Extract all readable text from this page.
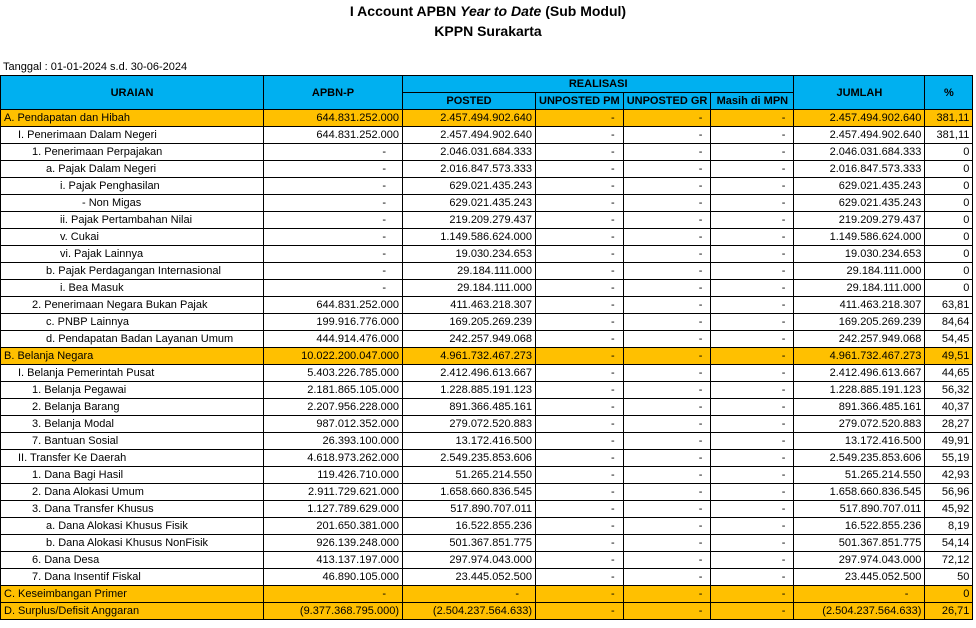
I Account APBN Year to Date (Sub Modul)
KPPN Surakarta
Tanggal : 01-01-2024 s.d. 30-06-2024
URAIAN	APBN-P	REALISASI				JUMLAH	%
		POSTED	UNPOSTED PM	UNPOSTED GR	Masih di MPN		
A. Pendapatan dan Hibah	644.831.252.000	2.457.494.902.640	-	-	-	2.457.494.902.640	381,11
I. Penerimaan Dalam Negeri	644.831.252.000	2.457.494.902.640	-	-	-	2.457.494.902.640	381,11
1. Penerimaan Perpajakan	-	2.046.031.684.333	-	-	-	2.046.031.684.333	0
a. Pajak Dalam Negeri	-	2.016.847.573.333	-	-	-	2.016.847.573.333	0
i. Pajak Penghasilan	-	629.021.435.243	-	-	-	629.021.435.243	0
- Non Migas	-	629.021.435.243	-	-	-	629.021.435.243	0
ii. Pajak Pertambahan Nilai	-	219.209.279.437	-	-	-	219.209.279.437	0
v. Cukai	-	1.149.586.624.000	-	-	-	1.149.586.624.000	0
vi. Pajak Lainnya	-	19.030.234.653	-	-	-	19.030.234.653	0
b. Pajak Perdagangan Internasional	-	29.184.111.000	-	-	-	29.184.111.000	0
i. Bea Masuk	-	29.184.111.000	-	-	-	29.184.111.000	0
2. Penerimaan Negara Bukan Pajak	644.831.252.000	411.463.218.307	-	-	-	411.463.218.307	63,81
c. PNBP Lainnya	199.916.776.000	169.205.269.239	-	-	-	169.205.269.239	84,64
d. Pendapatan Badan Layanan Umum	444.914.476.000	242.257.949.068	-	-	-	242.257.949.068	54,45
B. Belanja Negara	10.022.200.047.000	4.961.732.467.273	-	-	-	4.961.732.467.273	49,51
I. Belanja Pemerintah Pusat	5.403.226.785.000	2.412.496.613.667	-	-	-	2.412.496.613.667	44,65
1. Belanja Pegawai	2.181.865.105.000	1.228.885.191.123	-	-	-	1.228.885.191.123	56,32
2. Belanja Barang	2.207.956.228.000	891.366.485.161	-	-	-	891.366.485.161	40,37
3. Belanja Modal	987.012.352.000	279.072.520.883	-	-	-	279.072.520.883	28,27
7. Bantuan Sosial	26.393.100.000	13.172.416.500	-	-	-	13.172.416.500	49,91
II. Transfer Ke Daerah	4.618.973.262.000	2.549.235.853.606	-	-	-	2.549.235.853.606	55,19
1. Dana Bagi Hasil	119.426.710.000	51.265.214.550	-	-	-	51.265.214.550	42,93
2. Dana Alokasi Umum	2.911.729.621.000	1.658.660.836.545	-	-	-	1.658.660.836.545	56,96
3. Dana Transfer Khusus	1.127.789.629.000	517.890.707.011	-	-	-	517.890.707.011	45,92
a. Dana Alokasi Khusus Fisik	201.650.381.000	16.522.855.236	-	-	-	16.522.855.236	8,19
b. Dana Alokasi Khusus NonFisik	926.139.248.000	501.367.851.775	-	-	-	501.367.851.775	54,14
6. Dana Desa	413.137.197.000	297.974.043.000	-	-	-	297.974.043.000	72,12
7. Dana Insentif Fiskal	46.890.105.000	23.445.052.500	-	-	-	23.445.052.500	50
C. Keseimbangan Primer	-	-	-	-	-	-	0
D. Surplus/Defisit Anggaran	(9.377.368.795.000)	(2.504.237.564.633)	-	-	-	(2.504.237.564.633)	26,71
